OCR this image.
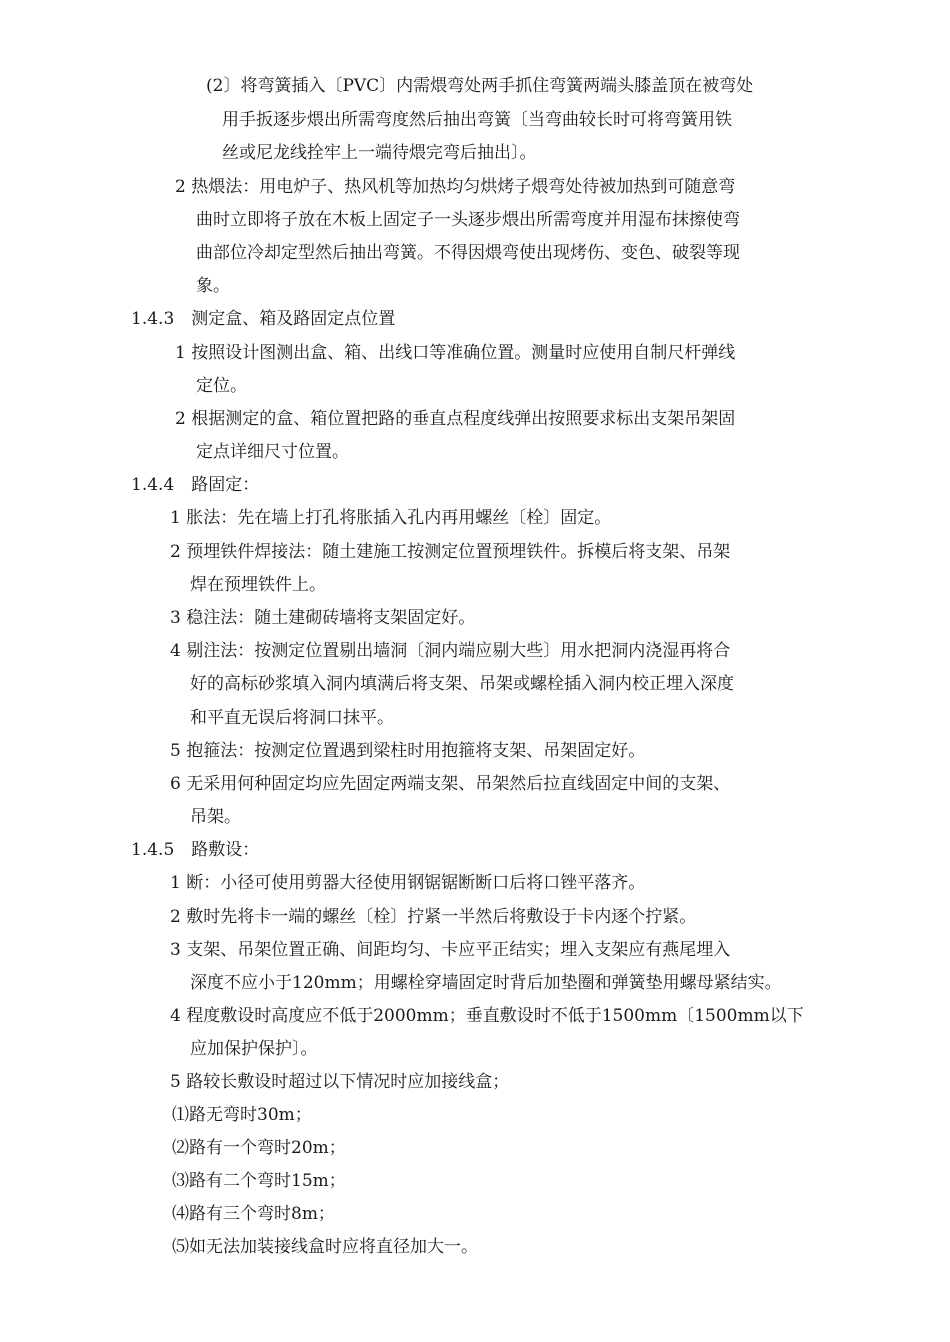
(2〕将弯簧插入〔PVC〕内需煨弯处两手抓住弯簧两端头膝盖顶在被弯处
用手扳逐步煨出所需弯度然后抽出弯簧〔当弯曲较长时可将弯簧用铁
丝或尼龙线拴牢上一端待煨完弯后抽出〕。
2 热煨法：用电炉子、热风机等加热均匀烘烤子煨弯处待被加热到可随意弯
曲时立即将子放在木板上固定子一头逐步煨出所需弯度并用湿布抹擦使弯
曲部位冷却定型然后抽出弯簧。不得因煨弯使出现烤伤、变色、破裂等现
象。
1.4.3　测定盒、箱及路固定点位置
1 按照设计图测出盒、箱、出线口等准确位置。测量时应使用自制尺杆弹线
定位。
2 根据测定的盒、箱位置把路的垂直点程度线弹出按照要求标出支架吊架固
定点详细尺寸位置。
1.4.4　路固定：
1 胀法：先在墙上打孔将胀插入孔内再用螺丝〔栓〕固定。
2 预埋铁件焊接法：随土建施工按测定位置预埋铁件。拆模后将支架、吊架
焊在预埋铁件上。
3 稳注法：随土建砌砖墙将支架固定好。
4 剔注法：按测定位置剔出墙洞〔洞内端应剔大些〕用水把洞内浇湿再将合
好的高标砂浆填入洞内填满后将支架、吊架或螺栓插入洞内校正埋入深度
和平直无误后将洞口抹平。
5 抱箍法：按测定位置遇到梁柱时用抱箍将支架、吊架固定好。
6 无采用何种固定均应先固定两端支架、吊架然后拉直线固定中间的支架、
吊架。
1.4.5　路敷设：
1 断：小径可使用剪器大径使用钢锯锯断断口后将口锉平落齐。
2 敷时先将卡一端的螺丝〔栓〕拧紧一半然后将敷设于卡内逐个拧紧。
3 支架、吊架位置正确、间距均匀、卡应平正结实；埋入支架应有燕尾埋入
深度不应小于120mm；用螺栓穿墙固定时背后加垫圈和弹簧垫用螺母紧结实。
4 程度敷设时高度应不低于2000mm；垂直敷设时不低于1500mm〔1500mm以下
应加保护保护〕。
5 路较长敷设时超过以下情况时应加接线盒；
⑴路无弯时30m；
⑵路有一个弯时20m；
⑶路有二个弯时15m；
⑷路有三个弯时8m；
⑸如无法加装接线盒时应将直径加大一。
